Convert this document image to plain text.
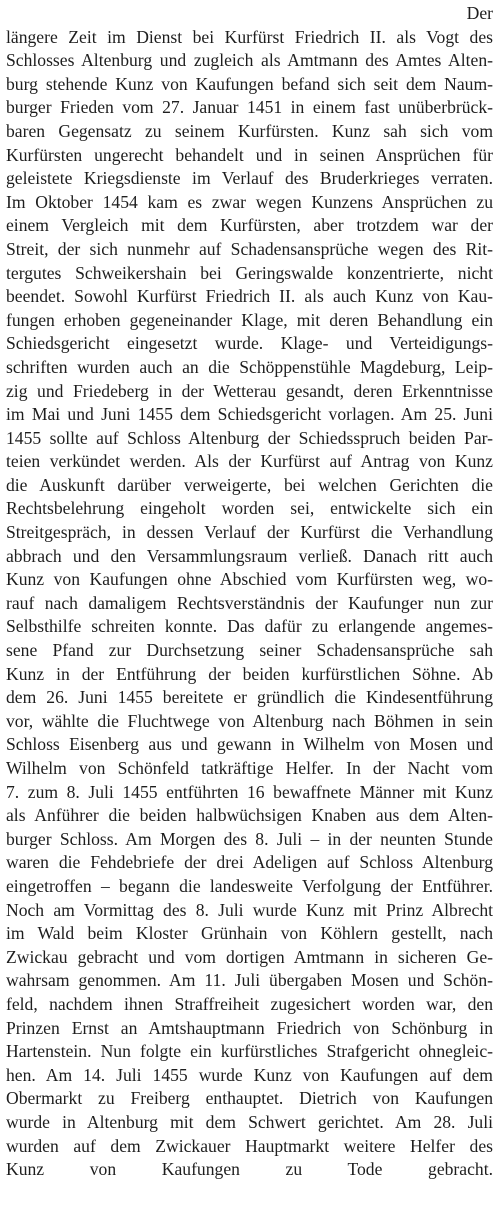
Der
längere Zeit im Dienst bei Kurfürst Friedrich II. als Vogt des
Schlosses Altenburg und zugleich als Amtmann des Amtes Alten-
burg stehende Kunz von Kaufungen befand sich seit dem Naum-
burger Frieden vom 27. Januar 1451 in einem fast unüberbrück-
baren Gegensatz zu seinem Kurfürsten. Kunz sah sich vom
Kurfürsten ungerecht behandelt und in seinen Ansprüchen für
geleistete Kriegsdienste im Verlauf des Bruderkrieges verraten.
Im Oktober 1454 kam es zwar wegen Kunzens Ansprüchen zu
einem Vergleich mit dem Kurfürsten, aber trotzdem war der
Streit, der sich nunmehr auf Schadensansprüche wegen des Rit-
tergutes Schweikershain bei Geringswalde konzentrierte, nicht
beendet. Sowohl Kurfürst Friedrich II. als auch Kunz von Kau-
fungen erhoben gegeneinander Klage, mit deren Behandlung ein
Schiedsgericht eingesetzt wurde. Klage- und Verteidigungs-
schriften wurden auch an die Schöppenstühle Magdeburg, Leip-
zig und Friedeberg in der Wetterau gesandt, deren Erkenntnisse
im Mai und Juni 1455 dem Schiedsgericht vorlagen. Am 25. Juni
1455 sollte auf Schloss Altenburg der Schiedsspruch beiden Par-
teien verkündet werden. Als der Kurfürst auf Antrag von Kunz
die Auskunft darüber verweigerte, bei welchen Gerichten die
Rechtsbelehrung eingeholt worden sei, entwickelte sich ein
Streitgespräch, in dessen Verlauf der Kurfürst die Verhandlung
abbrach und den Versammlungsraum verließ. Danach ritt auch
Kunz von Kaufungen ohne Abschied vom Kurfürsten weg, wo-
rauf nach damaligem Rechtsverständnis der Kaufunger nun zur
Selbsthilfe schreiten konnte. Das dafür zu erlangende angemes-
sene Pfand zur Durchsetzung seiner Schadensansprüche sah
Kunz in der Entführung der beiden kurfürstlichen Söhne. Ab
dem 26. Juni 1455 bereitete er gründlich die Kindesentführung
vor, wählte die Fluchtwege von Altenburg nach Böhmen in sein
Schloss Eisenberg aus und gewann in Wilhelm von Mosen und
Wilhelm von Schönfeld tatkräftige Helfer. In der Nacht vom
7. zum 8. Juli 1455 entführten 16 bewaffnete Männer mit Kunz
als Anführer die beiden halbwüchsigen Knaben aus dem Alten-
burger Schloss. Am Morgen des 8. Juli – in der neunten Stunde
waren die Fehdebriefe der drei Adeligen auf Schloss Altenburg
eingetroffen – begann die landesweite Verfolgung der Entführer.
Noch am Vormittag des 8. Juli wurde Kunz mit Prinz Albrecht
im Wald beim Kloster Grünhain von Köhlern gestellt, nach
Zwickau gebracht und vom dortigen Amtmann in sicheren Ge-
wahrsam genommen. Am 11. Juli übergaben Mosen und Schön-
feld, nachdem ihnen Straffreiheit zugesichert worden war, den
Prinzen Ernst an Amtshauptmann Friedrich von Schönburg in
Hartenstein. Nun folgte ein kurfürstliches Strafgericht ohnegleic-
hen. Am 14. Juli 1455 wurde Kunz von Kaufungen auf dem
Obermarkt zu Freiberg enthauptet. Dietrich von Kaufungen
wurde in Altenburg mit dem Schwert gerichtet. Am 28. Juli
wurden auf dem Zwickauer Hauptmarkt weitere Helfer des
Kunz von Kaufungen zu Tode gebracht.
